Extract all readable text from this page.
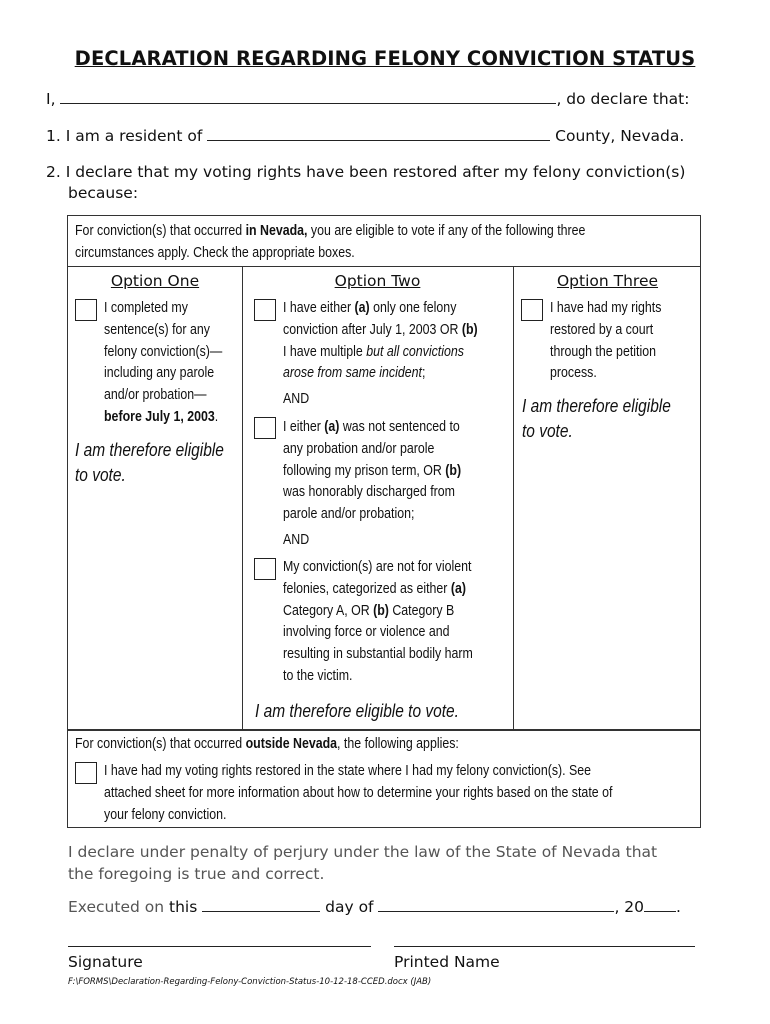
DECLARATION REGARDING FELONY CONVICTION STATUS
I,	, do declare that:
1. I am a resident of	County, Nevada.
2. I declare that my voting rights have been restored after my felony conviction(s)
because:
For conviction(s) that occurred in Nevada, you are eligible to vote if any of the following three
circumstances apply. Check the appropriate boxes.
Option One
I completed my
sentence(s) for any
felony conviction(s)—
including any parole
and/or probation—
before July 1, 2003.
I am therefore eligible
to vote.
Option Two
I have either (a) only one felony
conviction after July 1, 2003 OR (b)
I have multiple but all convictions
arose from same incident;
AND
I either (a) was not sentenced to
any probation and/or parole
following my prison term, OR (b)
was honorably discharged from
parole and/or probation;
AND
My conviction(s) are not for violent
felonies, categorized as either (a)
Category A, OR (b) Category B
involving force or violence and
resulting in substantial bodily harm
to the victim.
I am therefore eligible to vote.
Option Three
I have had my rights
restored by a court
through the petition
process.
I am therefore eligible
to vote.
For conviction(s) that occurred outside Nevada, the following applies:
I have had my voting rights restored in the state where I had my felony conviction(s). See
attached sheet for more information about how to determine your rights based on the state of
your felony conviction.
I declare under penalty of perjury under the law of the State of Nevada that
the foregoing is true and correct.
Executed on this	day of	, 20 .
Signature	Printed Name
F:\FORMS\Declaration-Regarding-Felony-Conviction-Status-10-12-18-CCED.docx (JAB)
